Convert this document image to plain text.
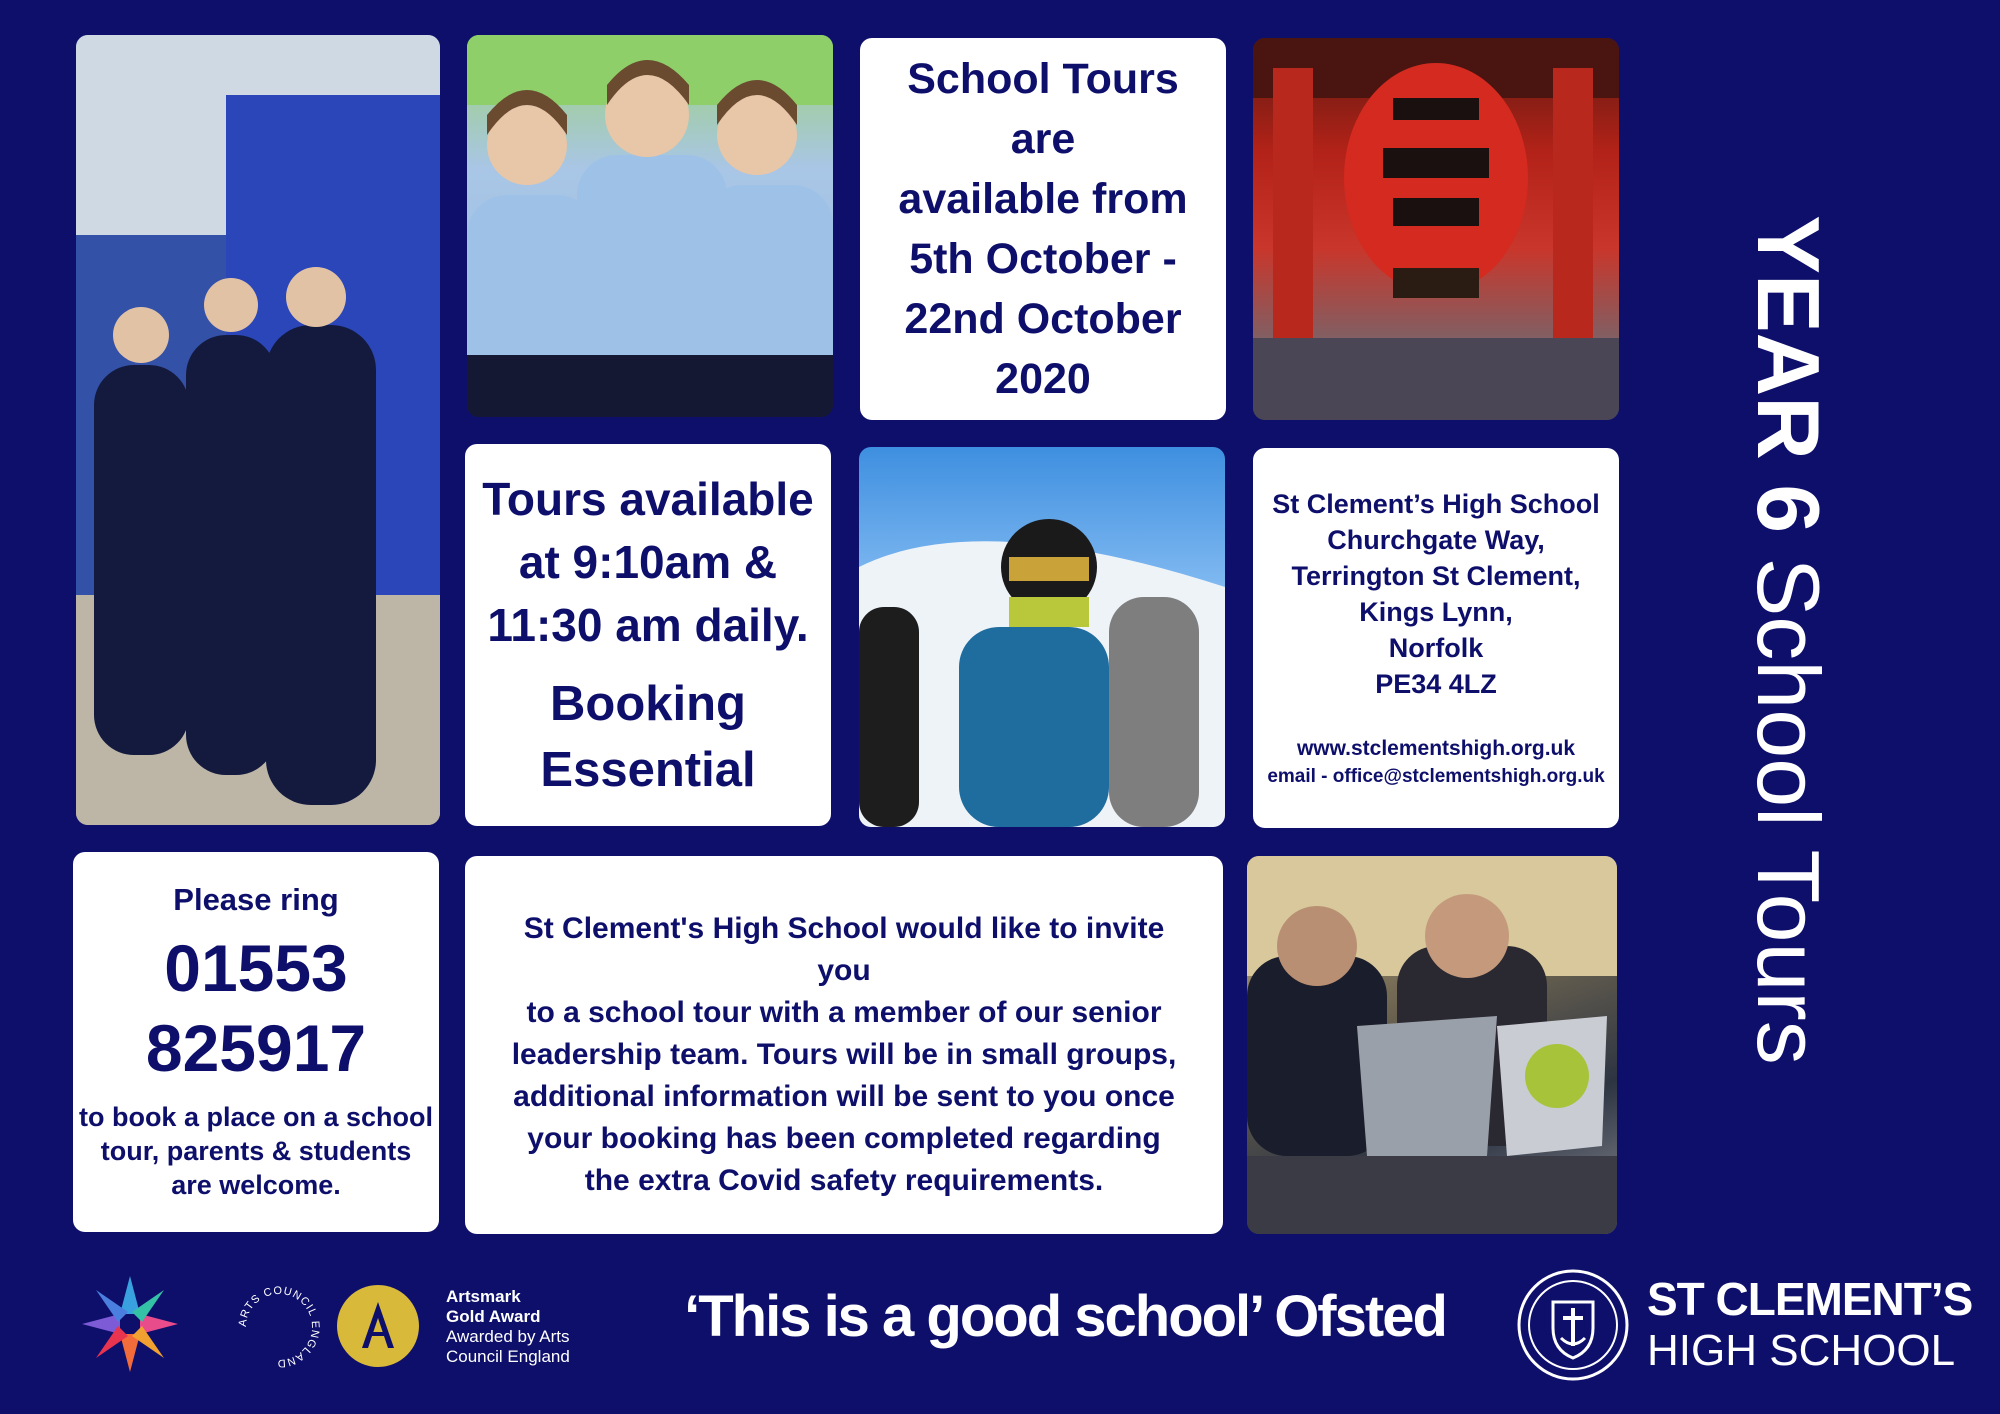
School Tours are
available from
5th October -
22nd October
2020
Tours available
at 9:10am &
11:30 am daily.
Booking
Essential
St Clement’s High School
Churchgate Way,
Terrington St Clement,
Kings Lynn,
Norfolk
PE34 4LZ
www.stclementshigh.org.uk
email - office@stclementshigh.org.uk
Please ring
01553
825917
to book a place on a school
tour, parents & students
are welcome.
St Clement's High School would like to invite you
to a school tour with a member of our senior
leadership team. Tours will be in small groups,
additional information will be sent to you once
your booking has been completed regarding
the extra Covid safety requirements.
YEAR 6 School Tours
ARTS COUNCIL ENGLAND
Artsmark
Gold Award
Awarded by Arts
Council England
‘This is a good school’ Ofsted	ST CLEMENT’S
HIGH SCHOOL
